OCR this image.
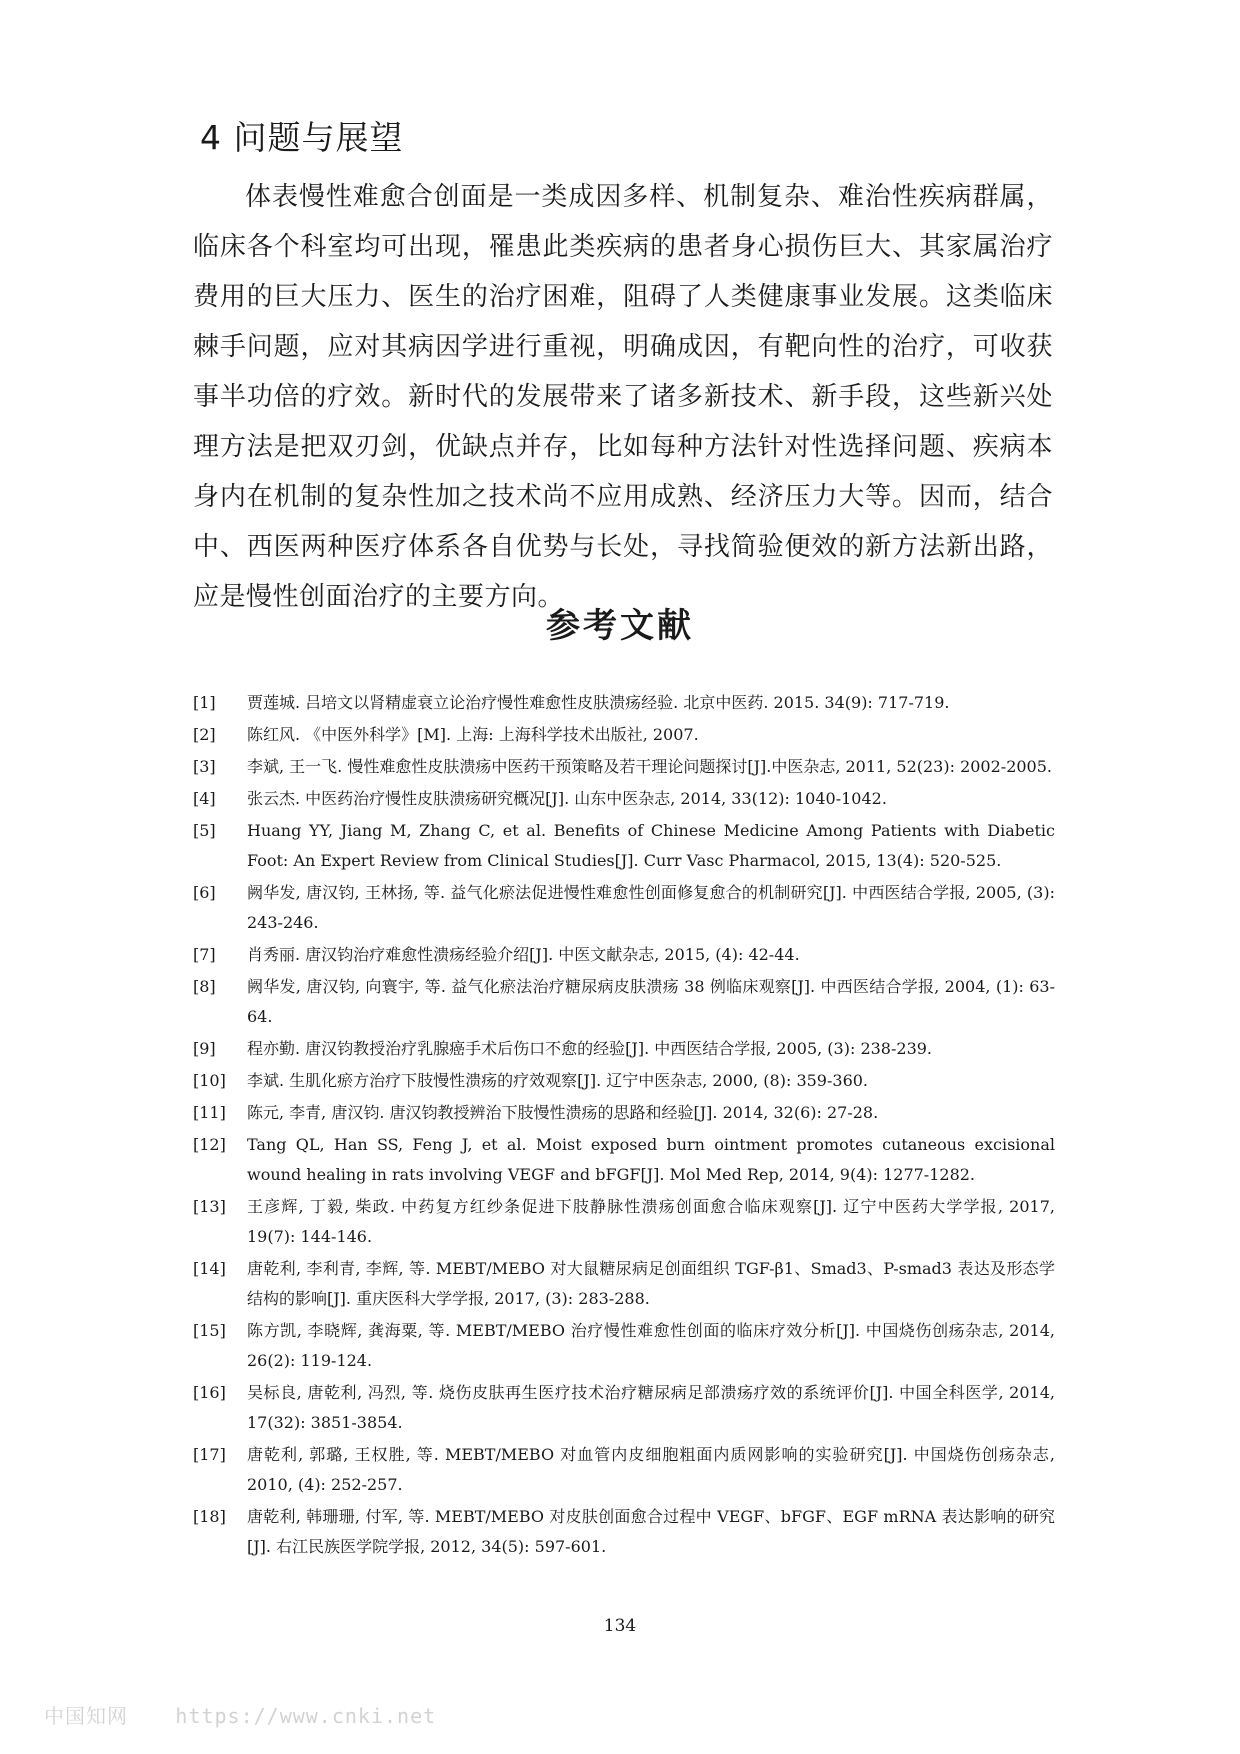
4 问题与展望

体表慢性难愈合创面是一类成因多样、机制复杂、难治性疾病群属，临床各个科室均可出现，罹患此类疾病的患者身心损伤巨大、其家属治疗费用的巨大压力、医生的治疗困难，阻碍了人类健康事业发展。这类临床棘手问题，应对其病因学进行重视，明确成因，有靶向性的治疗，可收获事半功倍的疗效。新时代的发展带来了诸多新技术、新手段，这些新兴处理方法是把双刃剑，优缺点并存，比如每种方法针对性选择问题、疾病本身内在机制的复杂性加之技术尚不应用成熟、经济压力大等。因而，结合中、西医两种医疗体系各自优势与长处，寻找简验便效的新方法新出路，应是慢性创面治疗的主要方向。

参考文献
[1]	贾莲城. 吕培文以肾精虚衰立论治疗慢性难愈性皮肤溃疡经验. 北京中医药. 2015. 34(9): 717-719.
[2]	陈红风. 《中医外科学》[M]. 上海: 上海科学技术出版社, 2007.
[3]	李斌, 王一飞. 慢性难愈性皮肤溃疡中医药干预策略及若干理论问题探讨[J].中医杂志, 2011, 52(23): 2002-2005.
[4]	张云杰. 中医药治疗慢性皮肤溃疡研究概况[J]. 山东中医杂志, 2014, 33(12): 1040-1042.
[5]	Huang YY, Jiang M, Zhang C, et al. Benefits of Chinese Medicine Among Patients with Diabetic Foot: An Expert Review from Clinical Studies[J]. Curr Vasc Pharmacol, 2015, 13(4): 520-525.
[6]	阙华发, 唐汉钧, 王林扬, 等. 益气化瘀法促进慢性难愈性创面修复愈合的机制研究[J]. 中西医结合学报, 2005, (3): 243-246.
[7]	肖秀丽. 唐汉钧治疗难愈性溃疡经验介绍[J]. 中医文献杂志, 2015, (4): 42-44.
[8]	阙华发, 唐汉钧, 向寰宇, 等. 益气化瘀法治疗糖尿病皮肤溃疡 38 例临床观察[J]. 中西医结合学报, 2004, (1): 63-64.
[9]	程亦勤. 唐汉钧教授治疗乳腺癌手术后伤口不愈的经验[J]. 中西医结合学报, 2005, (3): 238-239.
[10]	李斌. 生肌化瘀方治疗下肢慢性溃疡的疗效观察[J]. 辽宁中医杂志, 2000, (8): 359-360.
[11]	陈元, 李青, 唐汉钧. 唐汉钧教授辨治下肢慢性溃疡的思路和经验[J]. 2014, 32(6): 27-28.
[12]	Tang QL, Han SS, Feng J, et al. Moist exposed burn ointment promotes cutaneous excisional wound healing in rats involving VEGF and bFGF[J]. Mol Med Rep, 2014, 9(4): 1277-1282.
[13]	王彦辉, 丁毅, 柴政. 中药复方红纱条促进下肢静脉性溃疡创面愈合临床观察[J]. 辽宁中医药大学学报, 2017, 19(7): 144-146.
[14]	唐乾利, 李利青, 李辉, 等. MEBT/MEBO 对大鼠糖尿病足创面组织 TGF-β1、Smad3、P-smad3 表达及形态学结构的影响[J]. 重庆医科大学学报, 2017, (3): 283-288.
[15]	陈方凯, 李晓辉, 龚海粟, 等. MEBT/MEBO 治疗慢性难愈性创面的临床疗效分析[J]. 中国烧伤创疡杂志, 2014, 26(2): 119-124.
[16]	吴标良, 唐乾利, 冯烈, 等. 烧伤皮肤再生医疗技术治疗糖尿病足部溃疡疗效的系统评价[J]. 中国全科医学, 2014, 17(32): 3851-3854.
[17]	唐乾利, 郭璐, 王权胜, 等. MEBT/MEBO 对血管内皮细胞粗面内质网影响的实验研究[J]. 中国烧伤创疡杂志, 2010, (4): 252-257.
[18]	唐乾利, 韩珊珊, 付军, 等. MEBT/MEBO 对皮肤创面愈合过程中 VEGF、bFGF、EGF mRNA 表达影响的研究[J]. 右江民族医学院学报, 2012, 34(5): 597-601.
134
中国知网 https://www.cnki.net
